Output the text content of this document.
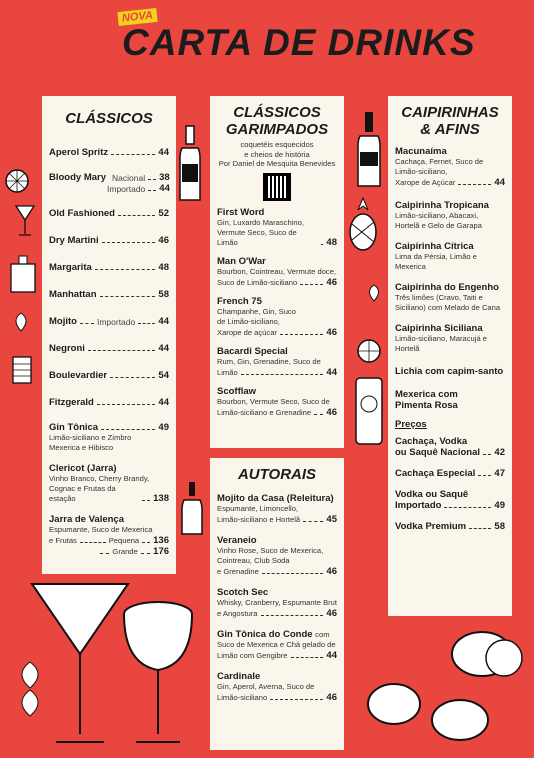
NOVA
CARTA DE DRINKS
CLÁSSICOS
Aperol Spritz	44
Bloody Mary Nacional 38
Importado 44
Old Fashioned	52
Dry Martini	46
Margarita	48
Manhattan	58
Mojito Importado 44
Negroni	44
Boulevardier	54
Fitzgerald	44
Gin Tônica	49
Limão-siciliano e Zimbro
Mexerica e Hibisco
Clericot (Jarra)
Vinho Branco, Cherry Brandy,
Cognac e Frutas da estação	138
Jarra de Valença
Espumante, Suco de Mexerica
e Frutas	Pequena 136
Grande 176
CLÁSSICOS
GARIMPADOS
coquetéis esquecidos
e cheios de história
Por Daniel de Mesquita Benevides
First Word
Gin, Luxardo Maraschino,
Vermute Seco, Suco de Limão	48
Man O'War
Bourbon, Cointreau, Vermute doce,
Suco de Limão-siciliano	46
French 75
Champanhe, Gin, Suco
de Limão-siciliano,
Xarope de açúcar	46
Bacardi Special
Rum, Gin, Grenadine, Suco de
Limão	44
Scofflaw
Bourbon, Vermute Seco, Suco de
Limão-siciliano e Grenadine 46
AUTORAIS
Mojito da Casa (Releitura)
Espumante, Limoncello,
Limão-siciliano e Hortelã	45
Veraneio
Vinho Rose, Suco de Mexerica,
Cointreau, Club Soda
e Grenadine	46
Scotch Sec
Whisky, Cranberry, Espumante Brut
e Angostura	46
Gin Tônica do Conde com
Suco de Mexerica e Chá gelado de
Limão com Gengibre	44
Cardinale
Gin, Aperol, Averna, Suco de
Limão-siciliano	46
CAIPIRINHAS
& AFINS
Macunaíma
Cachaça, Fernet, Suco de
Limão-siciliano,
Xarope de Açúcar	44
Caipirinha Tropicana
Limão-siciliano, Abacaxi,
Hortelã e Gelo de Garapa
Caipirinha Cítrica
Lima da Pérsia, Limão e
Mexerica
Caipirinha do Engenho
Três limões (Cravo, Taiti e
Siciliano) com Melado de Cana
Caipirinha Siciliana
Limão-siciliano, Maracujá e
Hortelã
Lichia com capim-santo
Mexerica com
Pimenta Rosa
Preços
Cachaça, Vodka
ou Saquê Nacional 42
Cachaça Especial 47
Vodka ou Saquê
Importado	49
Vodka Premium	58
